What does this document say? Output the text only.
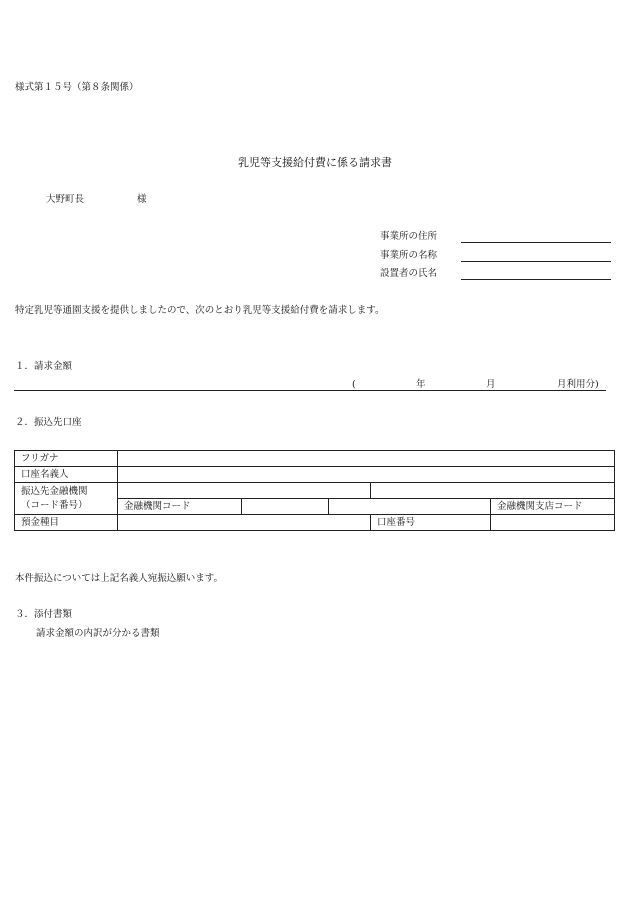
様式第１５号（第８条関係）
乳児等支援給付費に係る請求書
大野町長	様
事業所の住所
事業所の名称
設置者の氏名
特定乳児等通園支援を提供しましたので、次のとおり乳児等支援給付費を請求します。
１．請求金額
(	年	月	月利用分)
２．振込先口座
フリガナ						
口座名義人						
振込先金融機関
（コード番号）						
	金融機関コード				金融機関支店コード	
預金種目				口座番号		
本件振込については上記名義人宛振込願います。
３．添付書類
請求金額の内訳が分かる書類
